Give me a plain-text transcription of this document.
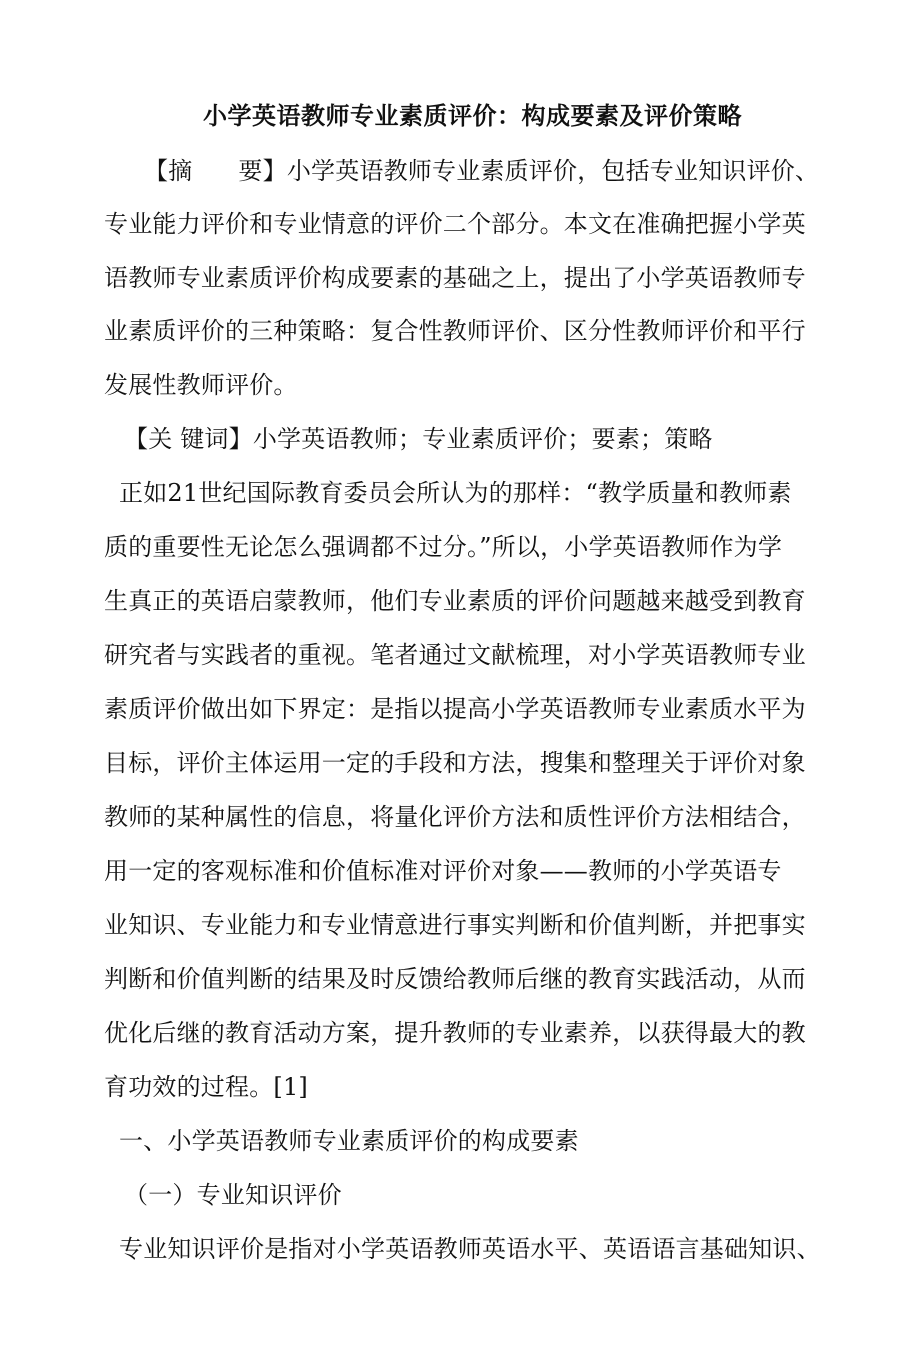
小学英语教师专业素质评价：构成要素及评价策略
【摘 要】小学英语教师专业素质评价，包括专业知识评价、
专业能力评价和专业情意的评价二个部分。本文在准确把握小学英
语教师专业素质评价构成要素的基础之上，提出了小学英语教师专
业素质评价的三种策略：复合性教师评价、区分性教师评价和平行
发展性教师评价。
【关 键词】小学英语教师；专业素质评价；要素；策略
正如21世纪国际教育委员会所认为的那样：“教学质量和教师素
质的重要性无论怎么强调都不过分。”所以，小学英语教师作为学
生真正的英语启蒙教师，他们专业素质的评价问题越来越受到教育
研究者与实践者的重视。笔者通过文献梳理，对小学英语教师专业
素质评价做出如下界定：是指以提高小学英语教师专业素质水平为
目标，评价主体运用一定的手段和方法，搜集和整理关于评价对象
教师的某种属性的信息，将量化评价方法和质性评价方法相结合，
用一定的客观标准和价值标准对评价对象——教师的小学英语专
业知识、专业能力和专业情意进行事实判断和价值判断，并把事实
判断和价值判断的结果及时反馈给教师后继的教育实践活动，从而
优化后继的教育活动方案，提升教师的专业素养，以获得最大的教
育功效的过程。[1]
一、小学英语教师专业素质评价的构成要素
（一）专业知识评价
专业知识评价是指对小学英语教师英语水平、英语语言基础知识、
